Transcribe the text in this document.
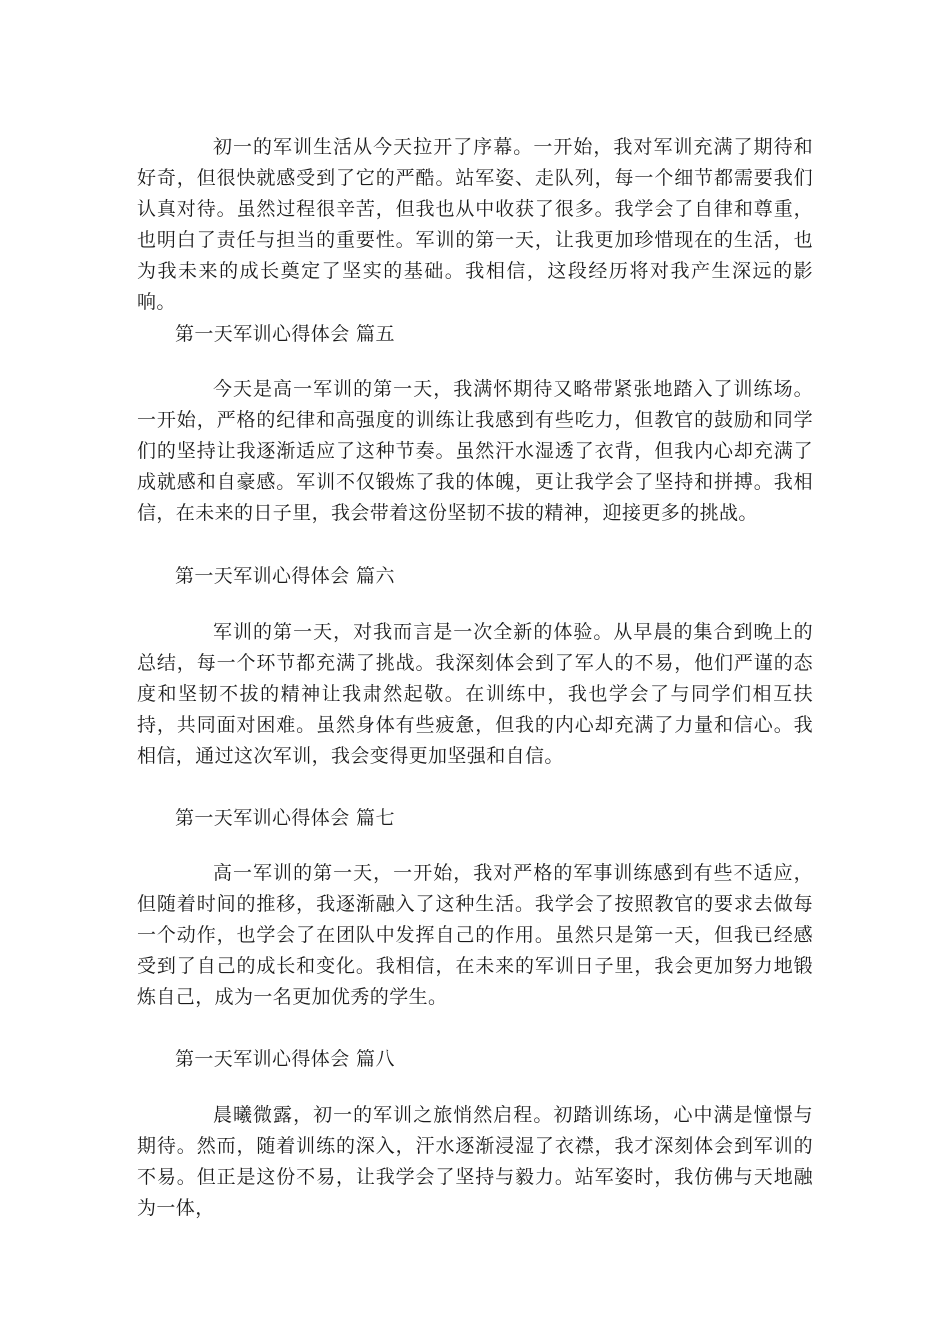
初一的军训生活从今天拉开了序幕。一开始，我对军训充满了期待和好奇，但很快就感受到了它的严酷。站军姿、走队列，每一个细节都需要我们认真对待。虽然过程很辛苦，但我也从中收获了很多。我学会了自律和尊重，也明白了责任与担当的重要性。军训的第一天，让我更加珍惜现在的生活，也为我未来的成长奠定了坚实的基础。我相信，这段经历将对我产生深远的影响。

第一天军训心得体会 篇五

今天是高一军训的第一天，我满怀期待又略带紧张地踏入了训练场。一开始，严格的纪律和高强度的训练让我感到有些吃力，但教官的鼓励和同学们的坚持让我逐渐适应了这种节奏。虽然汗水湿透了衣背，但我内心却充满了成就感和自豪感。军训不仅锻炼了我的体魄，更让我学会了坚持和拼搏。我相信，在未来的日子里，我会带着这份坚韧不拔的精神，迎接更多的挑战。

第一天军训心得体会 篇六

军训的第一天，对我而言是一次全新的体验。从早晨的集合到晚上的总结，每一个环节都充满了挑战。我深刻体会到了军人的不易，他们严谨的态度和坚韧不拔的精神让我肃然起敬。在训练中，我也学会了与同学们相互扶持，共同面对困难。虽然身体有些疲惫，但我的内心却充满了力量和信心。我相信，通过这次军训，我会变得更加坚强和自信。

第一天军训心得体会 篇七

高一军训的第一天，一开始，我对严格的军事训练感到有些不适应，但随着时间的推移，我逐渐融入了这种生活。我学会了按照教官的要求去做每一个动作，也学会了在团队中发挥自己的作用。虽然只是第一天，但我已经感受到了自己的成长和变化。我相信，在未来的军训日子里，我会更加努力地锻炼自己，成为一名更加优秀的学生。

第一天军训心得体会 篇八

晨曦微露，初一的军训之旅悄然启程。初踏训练场，心中满是憧憬与期待。然而，随着训练的深入，汗水逐渐浸湿了衣襟，我才深刻体会到军训的不易。但正是这份不易，让我学会了坚持与毅力。站军姿时，我仿佛与天地融为一体，
